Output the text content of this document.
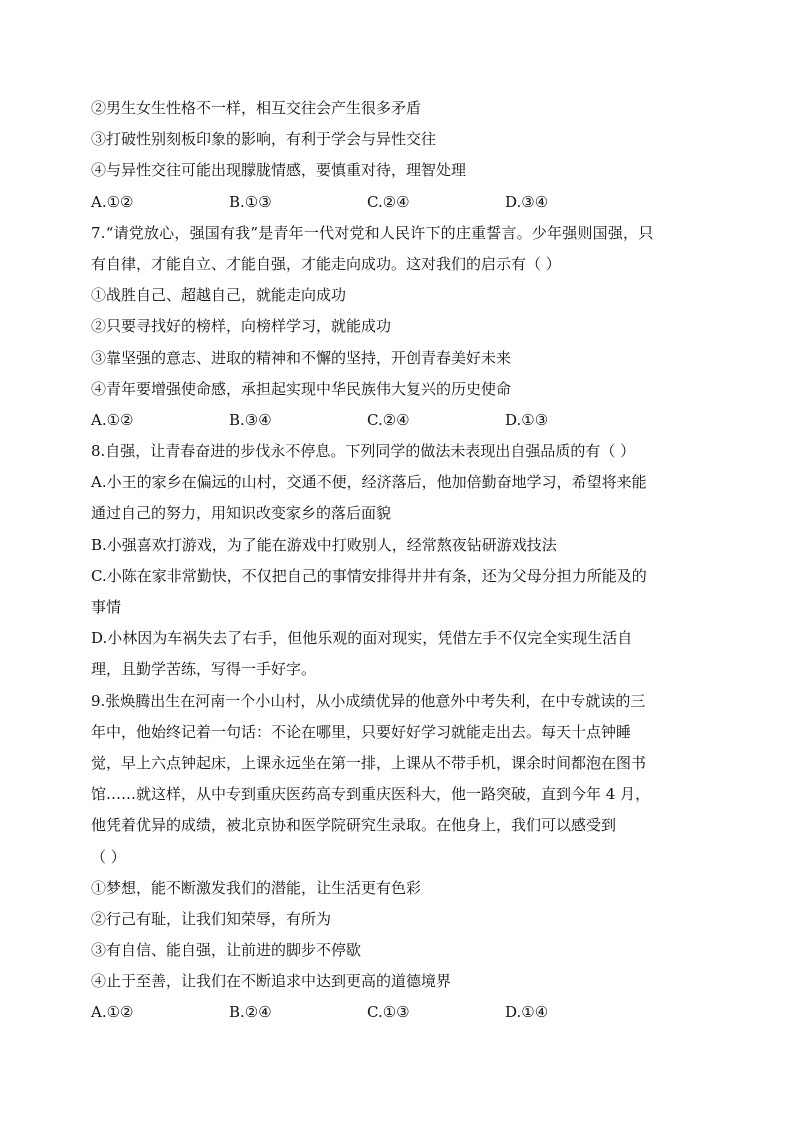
②男生女生性格不一样，相互交往会产生很多矛盾
③打破性别刻板印象的影响，有利于学会与异性交往
④与异性交往可能出现朦胧情感，要慎重对待，理智处理
A.①②	B.①③	C.②④	D.③④
7.“请党放心，强国有我”是青年一代对党和人民许下的庄重誓言。少年强则国强，只
有自律，才能自立、才能自强，才能走向成功。这对我们的启示有（ ）
①战胜自己、超越自己，就能走向成功
②只要寻找好的榜样，向榜样学习，就能成功
③靠坚强的意志、进取的精神和不懈的坚持，开创青春美好未来
④青年要增强使命感，承担起实现中华民族伟大复兴的历史使命
A.①②	B.③④	C.②④	D.①③
8.自强，让青春奋进的步伐永不停息。下列同学的做法未表现出自强品质的有（ ）
A.小王的家乡在偏远的山村，交通不便，经济落后，他加倍勤奋地学习，希望将来能
通过自己的努力，用知识改变家乡的落后面貌
B.小强喜欢打游戏，为了能在游戏中打败别人，经常熬夜钻研游戏技法
C.小陈在家非常勤快，不仅把自己的事情安排得井井有条，还为父母分担力所能及的
事情
D.小林因为车祸失去了右手，但他乐观的面对现实，凭借左手不仅完全实现生活自
理，且勤学苦练，写得一手好字。
9.张焕腾出生在河南一个小山村，从小成绩优异的他意外中考失利，在中专就读的三
年中，他始终记着一句话：不论在哪里，只要好好学习就能走出去。每天十点钟睡
觉，早上六点钟起床，上课永远坐在第一排，上课从不带手机，课余时间都泡在图书
馆……就这样，从中专到重庆医药高专到重庆医科大，他一路突破，直到今年 4 月，
他凭着优异的成绩，被北京协和医学院研究生录取。在他身上，我们可以感受到
（ ）
①梦想，能不断激发我们的潜能，让生活更有色彩
②行己有耻，让我们知荣辱，有所为
③有自信、能自强，让前进的脚步不停歇
④止于至善，让我们在不断追求中达到更高的道德境界
A.①②	B.②④	C.①③	D.①④
